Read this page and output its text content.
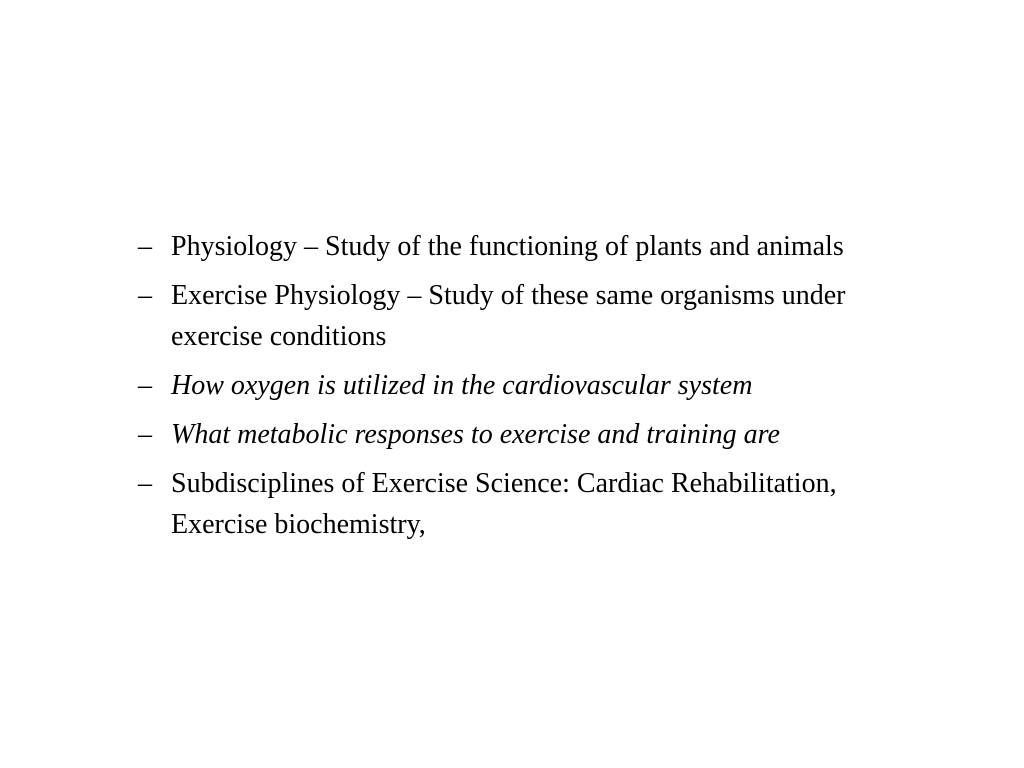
– Physiology – Study of the functioning of plants and animals
– Exercise Physiology – Study of these same organisms under exercise conditions
– How oxygen is utilized in the cardiovascular system
– What metabolic responses to exercise and training are
– Subdisciplines of Exercise Science: Cardiac Rehabilitation, Exercise biochemistry,
